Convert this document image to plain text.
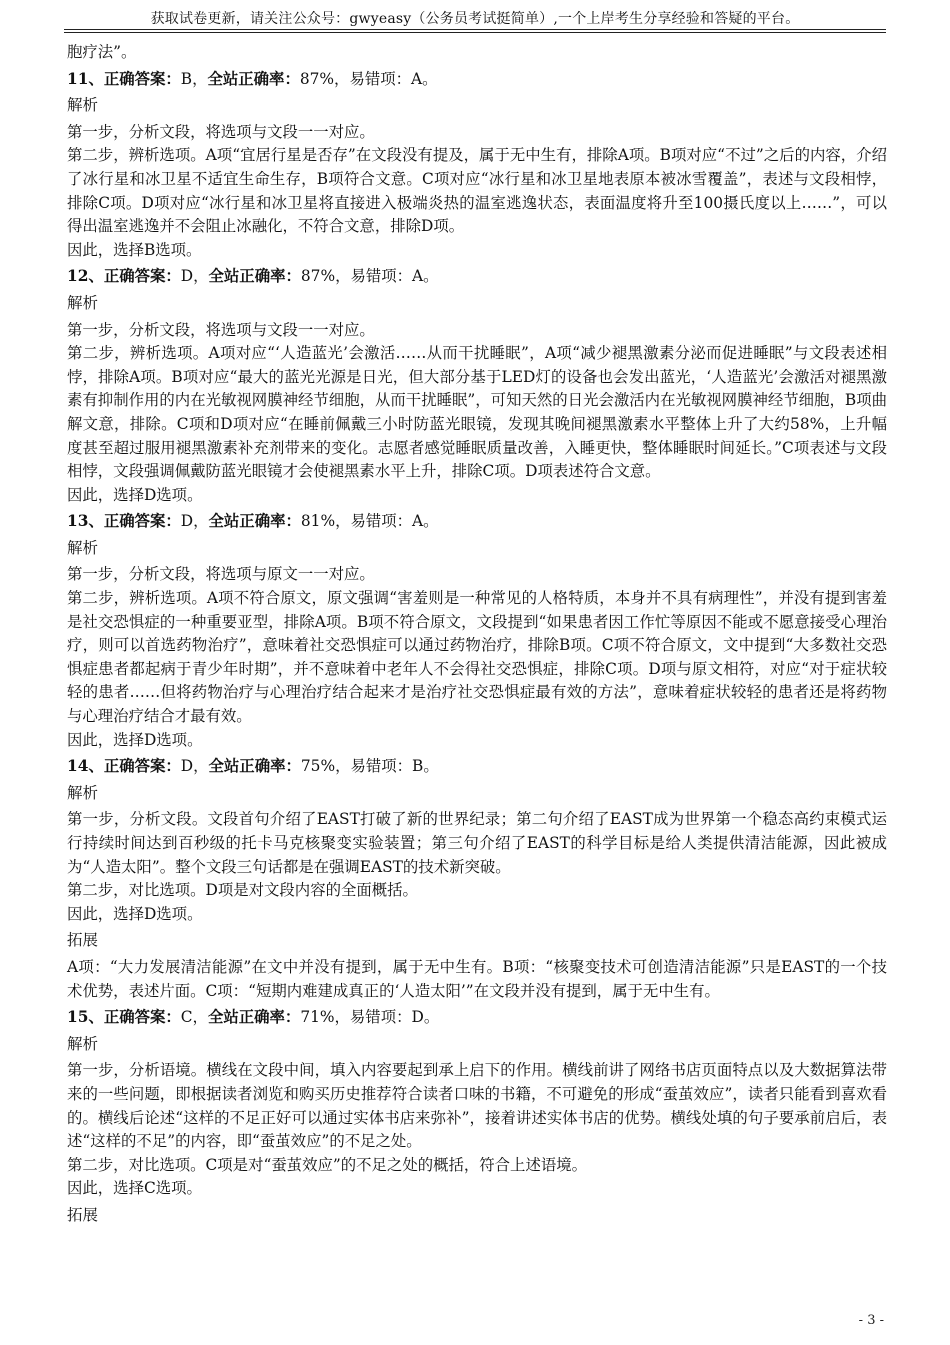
获取试卷更新，请关注公众号：gwyeasy（公务员考试挺简单）,一个上岸考生分享经验和答疑的平台。

胞疗法”。

11、正确答案：B，全站正确率：87%，易错项：A。

解析

第一步，分析文段，将选项与文段一一对应。

第二步，辨析选项。A项“宜居行星是否存”在文段没有提及，属于无中生有，排除A项。B项对应“不过”之后的内容，介绍了冰行星和冰卫星不适宜生命生存，B项符合文意。C项对应“冰行星和冰卫星地表原本被冰雪覆盖”，表述与文段相悖，排除C项。D项对应“冰行星和冰卫星将直接进入极端炎热的温室逃逸状态，表面温度将升至100摄氏度以上……”，可以得出温室逃逸并不会阻止冰融化，不符合文意，排除D项。

因此，选择B选项。

12、正确答案：D，全站正确率：87%，易错项：A。

解析

第一步，分析文段，将选项与文段一一对应。

第二步，辨析选项。A项对应“‘人造蓝光’会激活……从而干扰睡眠”，A项“减少褪黑激素分泌而促进睡眠”与文段表述相悖，排除A项。B项对应“最大的蓝光光源是日光，但大部分基于LED灯的设备也会发出蓝光，‘人造蓝光’会激活对褪黑激素有抑制作用的内在光敏视网膜神经节细胞，从而干扰睡眠”，可知天然的日光会激活内在光敏视网膜神经节细胞，B项曲解文意，排除。C项和D项对应“在睡前佩戴三小时防蓝光眼镜，发现其晚间褪黑激素水平整体上升了大约58%，上升幅度甚至超过服用褪黑激素补充剂带来的变化。志愿者感觉睡眠质量改善，入睡更快，整体睡眠时间延长。”C项表述与文段相悖，文段强调佩戴防蓝光眼镜才会使褪黑素水平上升，排除C项。D项表述符合文意。

因此，选择D选项。

13、正确答案：D，全站正确率：81%，易错项：A。

解析

第一步，分析文段，将选项与原文一一对应。

第二步，辨析选项。A项不符合原文，原文强调“害羞则是一种常见的人格特质，本身并不具有病理性”，并没有提到害羞是社交恐惧症的一种重要亚型，排除A项。B项不符合原文，文段提到“如果患者因工作忙等原因不能或不愿意接受心理治疗，则可以首选药物治疗”，意味着社交恐惧症可以通过药物治疗，排除B项。C项不符合原文，文中提到“大多数社交恐惧症患者都起病于青少年时期”，并不意味着中老年人不会得社交恐惧症，排除C项。D项与原文相符，对应“对于症状较轻的患者……但将药物治疗与心理治疗结合起来才是治疗社交恐惧症最有效的方法”，意味着症状较轻的患者还是将药物与心理治疗结合才最有效。

因此，选择D选项。

14、正确答案：D，全站正确率：75%，易错项：B。

解析

第一步，分析文段。文段首句介绍了EAST打破了新的世界纪录；第二句介绍了EAST成为世界第一个稳态高约束模式运行持续时间达到百秒级的托卡马克核聚变实验装置；第三句介绍了EAST的科学目标是给人类提供清洁能源，因此被成为“人造太阳”。整个文段三句话都是在强调EAST的技术新突破。

第二步，对比选项。D项是对文段内容的全面概括。

因此，选择D选项。

拓展

A项：“大力发展清洁能源”在文中并没有提到，属于无中生有。B项：“核聚变技术可创造清洁能源”只是EAST的一个技术优势，表述片面。C项：“短期内难建成真正的‘人造太阳’”在文段并没有提到，属于无中生有。

15、正确答案：C，全站正确率：71%，易错项：D。

解析

第一步，分析语境。横线在文段中间，填入内容要起到承上启下的作用。横线前讲了网络书店页面特点以及大数据算法带来的一些问题，即根据读者浏览和购买历史推荐符合读者口味的书籍，不可避免的形成“蚕茧效应”，读者只能看到喜欢看的。横线后论述“这样的不足正好可以通过实体书店来弥补”，接着讲述实体书店的优势。横线处填的句子要承前启后，表述“这样的不足”的内容，即“蚕茧效应”的不足之处。

第二步，对比选项。C项是对“蚕茧效应”的不足之处的概括，符合上述语境。

因此，选择C选项。

拓展

- 3 -
